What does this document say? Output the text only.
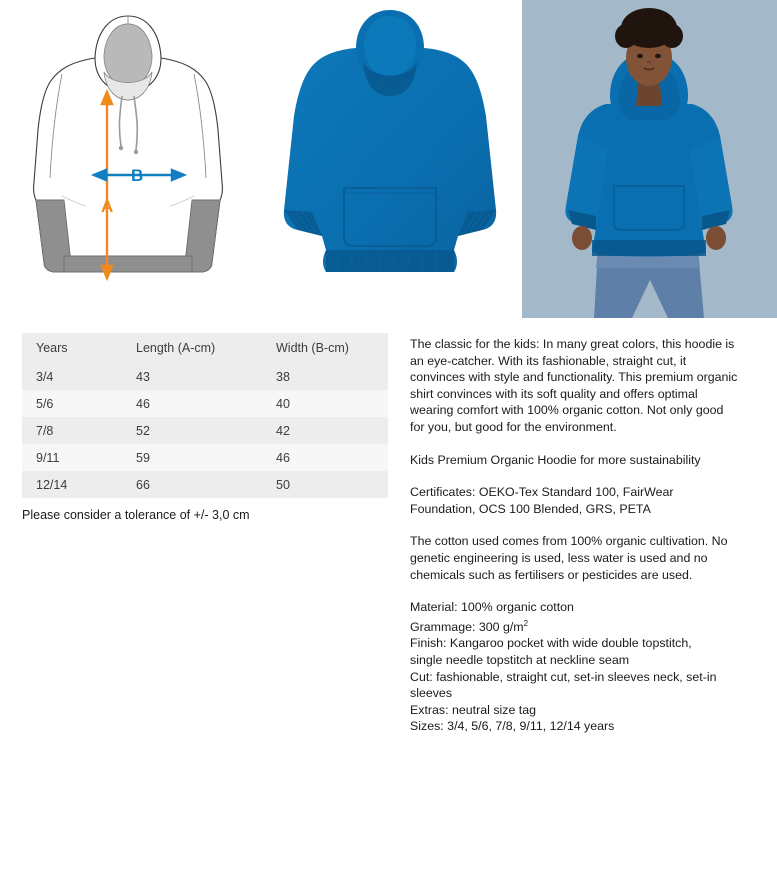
A
B
Years	Length (A-cm)	Width (B-cm)
3/4	43	38
5/6	46	40
7/8	52	42
9/11	59	46
12/14	66	50
Please consider a tolerance of +/- 3,0 cm

The classic for the kids: In many great colors, this hoodie is an eye-catcher. With its fashionable, straight cut, it convinces with style and functionality. This premium organic shirt convinces with its soft quality and offers optimal wearing comfort with 100% organic cotton. Not only good for you, but good for the environment.

Kids Premium Organic Hoodie for more sustainability

Certificates: OEKO-Tex Standard 100, FairWear Foundation, OCS 100 Blended, GRS, PETA

The cotton used comes from 100% organic cultivation. No genetic engineering is used, less water is used and no chemicals such as fertilisers or pesticides are used.

Material: 100% organic cotton
Grammage: 300 $g/m^2$
Finish: Kangaroo pocket with wide double topstitch,
single needle topstitch at neckline seam
Cut: fashionable, straight cut, set-in sleeves neck, set-in
sleeves
Extras: neutral size tag
Sizes: 3/4, 5/6, 7/8, 9/11, 12/14 years
